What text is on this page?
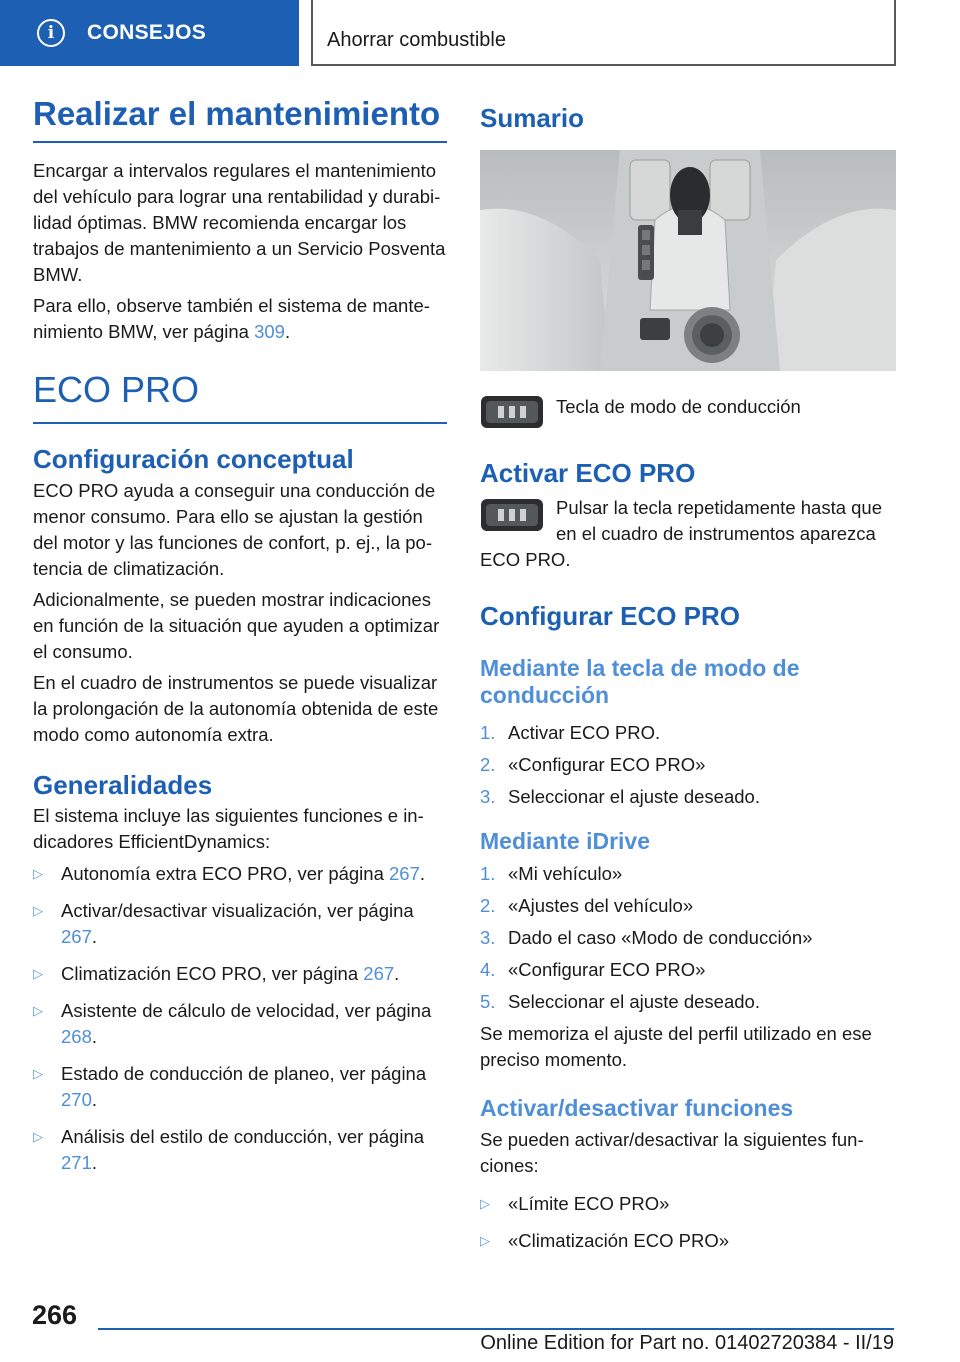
i	CONSEJOS	Ahorrar combustible
Realizar el mantenimiento

Encargar a intervalos regulares el mantenimiento del vehículo para lograr una rentabilidad y durabilidad óptimas. BMW recomienda encargar los trabajos de mantenimiento a un Servicio Posventa BMW.

Para ello, observe también el sistema de mantenimiento BMW, ver página 309.

ECO PRO
Configuración conceptual

ECO PRO ayuda a conseguir una conducción de menor consumo. Para ello se ajustan la gestión del motor y las funciones de confort, p. ej., la potencia de climatización.

Adicionalmente, se pueden mostrar indicaciones en función de la situación que ayuden a optimizar el consumo.

En el cuadro de instrumentos se puede visualizar la prolongación de la autonomía obtenida de este modo como autonomía extra.

Generalidades

El sistema incluye las siguientes funciones e indicadores EfficientDynamics:

▷ Autonomía extra ECO PRO, ver página 267.
▷ Activar/desactivar visualización, ver página 267.
▷ Climatización ECO PRO, ver página 267.
▷ Asistente de cálculo de velocidad, ver página 268.
▷ Estado de conducción de planeo, ver página 270.
▷ Análisis del estilo de conducción, ver página 271.
Sumario
Tecla de modo de conducción
Activar ECO PRO

Pulsar la tecla repetidamente hasta que en el cuadro de instrumentos aparezca ECO PRO.

Configurar ECO PRO
Mediante la tecla de modo de conducción
1. Activar ECO PRO.
2. «Configurar ECO PRO»
3. Seleccionar el ajuste deseado.
Mediante iDrive
1. «Mi vehículo»
2. «Ajustes del vehículo»
3. Dado el caso «Modo de conducción»
4. «Configurar ECO PRO»
5. Seleccionar el ajuste deseado.

Se memoriza el ajuste del perfil utilizado en ese preciso momento.

Activar/desactivar funciones

Se pueden activar/desactivar la siguientes funciones:

▷ «Límite ECO PRO»
▷ «Climatización ECO PRO»
266
Online Edition for Part no. 01402720384 - II/19
